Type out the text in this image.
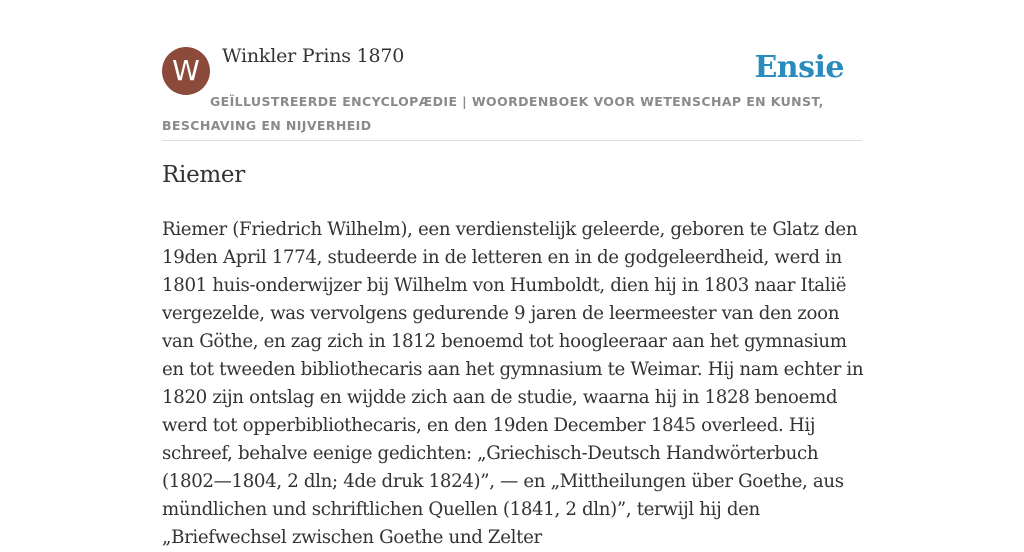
W	Winkler Prins 1870	Ensie
GEÏLLUSTREERDE ENCYCLOPÆDIE | WOORDENBOEK VOOR WETENSCHAP EN KUNST, BESCHAVING EN NIJVERHEID
Riemer

Riemer (Friedrich Wilhelm), een verdienstelijk geleerde, geboren te Glatz den 19den April 1774, studeerde in de letteren en in de godgeleerdheid, werd in 1801 huis-onderwijzer bij Wilhelm von Humboldt, dien hij in 1803 naar Italië vergezelde, was vervolgens gedurende 9 jaren de leermeester van den zoon van Göthe, en zag zich in 1812 benoemd tot hoogleeraar aan het gymnasium en tot tweeden bibliothecaris aan het gymnasium te Weimar. Hij nam echter in 1820 zijn ontslag en wijdde zich aan de studie, waarna hij in 1828 benoemd werd tot opperbibliothecaris, en den 19den December 1845 overleed. Hij schreef, behalve eenige gedichten: „Griechisch-Deutsch Handwörterbuch (1802—1804, 2 dln; 4de druk 1824)”, — en „Mittheilungen über Goethe, aus mündlichen und schriftlichen Quellen (1841, 2 dln)”, terwijl hij den „Briefwechsel zwischen Goethe und Zelter
